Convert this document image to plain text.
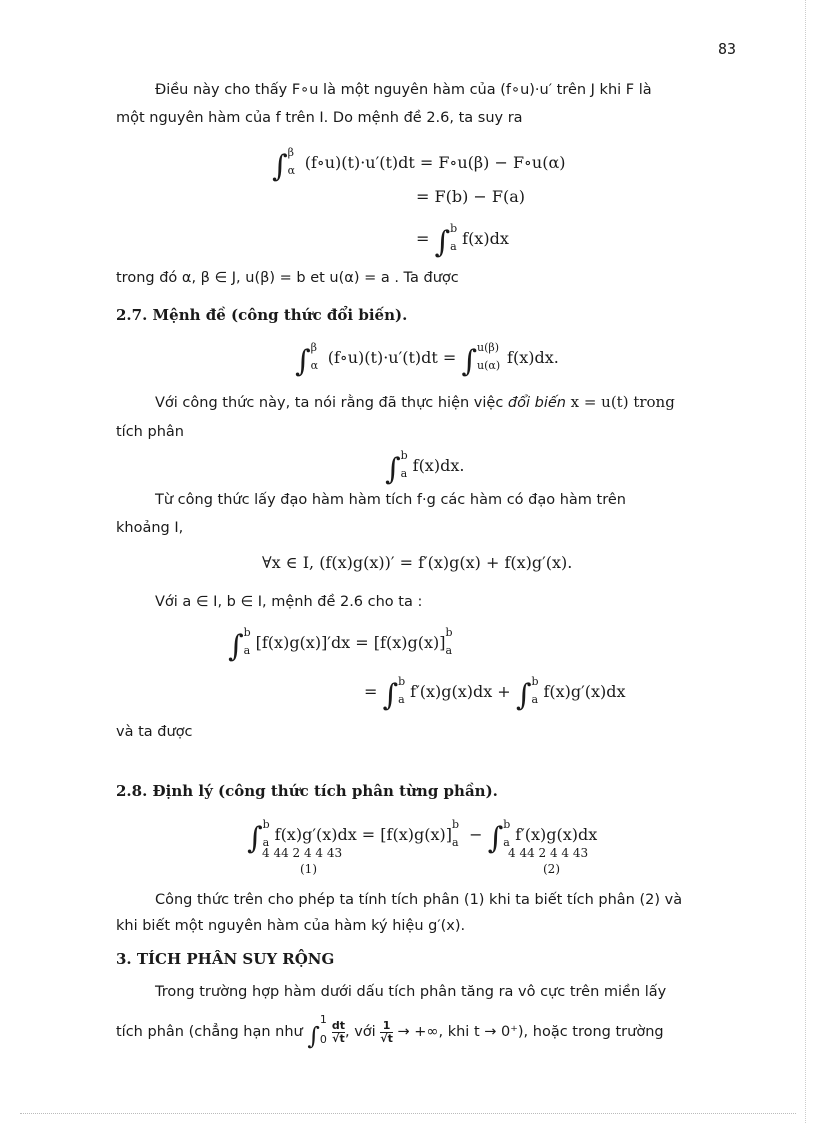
83
Điều này cho thấy F∘u là một nguyên hàm của (f∘u)·u′ trên J khi F là
một nguyên hàm của f trên I. Do mệnh đề 2.6, ta suy ra
∫ β
α (f∘u)(t)·u′(t)dt = F∘u(β) − F∘u(α)
= F(b) − F(a)
= ∫ b
a f(x)dx
trong đó α, β ∈ J, u(β) = b et u(α) = a . Ta được
2.7. Mệnh đề (công thức đổi biến).
∫ β
α (f∘u)(t)·u′(t)dt = ∫ u(β)
u(α) f(x)dx.
Với công thức này, ta nói rằng đã thực hiện việc đổi biến x = u(t) trong
tích phân
∫ b
a f(x)dx.
Từ công thức lấy đạo hàm hàm tích f·g các hàm có đạo hàm trên
khoảng I,
∀x ∈ I, (f(x)g(x))′ = f′(x)g(x) + f(x)g′(x).
Với a ∈ I, b ∈ I, mệnh đề 2.6 cho ta :
∫ b
a [f(x)g(x)]′dx = [f(x)g(x)]
b
a
= ∫ b
a f′(x)g(x)dx + ∫ b
a f(x)g′(x)dx
và ta được
2.8. Định lý (công thức tích phân từng phần).
∫ b
a f(x)g′(x)dx = [f(x)g(x)]
b
a − ∫ b
a f′(x)g(x)dx
4 44 2 4 4 43	4 44 2 4 4 43
(1)	(2)
Công thức trên cho phép ta tính tích phân (1) khi ta biết tích phân (2) và
khi biết một nguyên hàm của hàm ký hiệu g′(x).
3. TÍCH PHÂN SUY RỘNG
Trong trường hợp hàm dưới dấu tích phân tăng ra vô cực trên miền lấy
tích phân (chẳng hạn như ∫
1
$0 \frac{dt}{√t}$ , với $\frac{1}{√t}$ → +∞, khi t → 0⁺), hoặc trong trường
